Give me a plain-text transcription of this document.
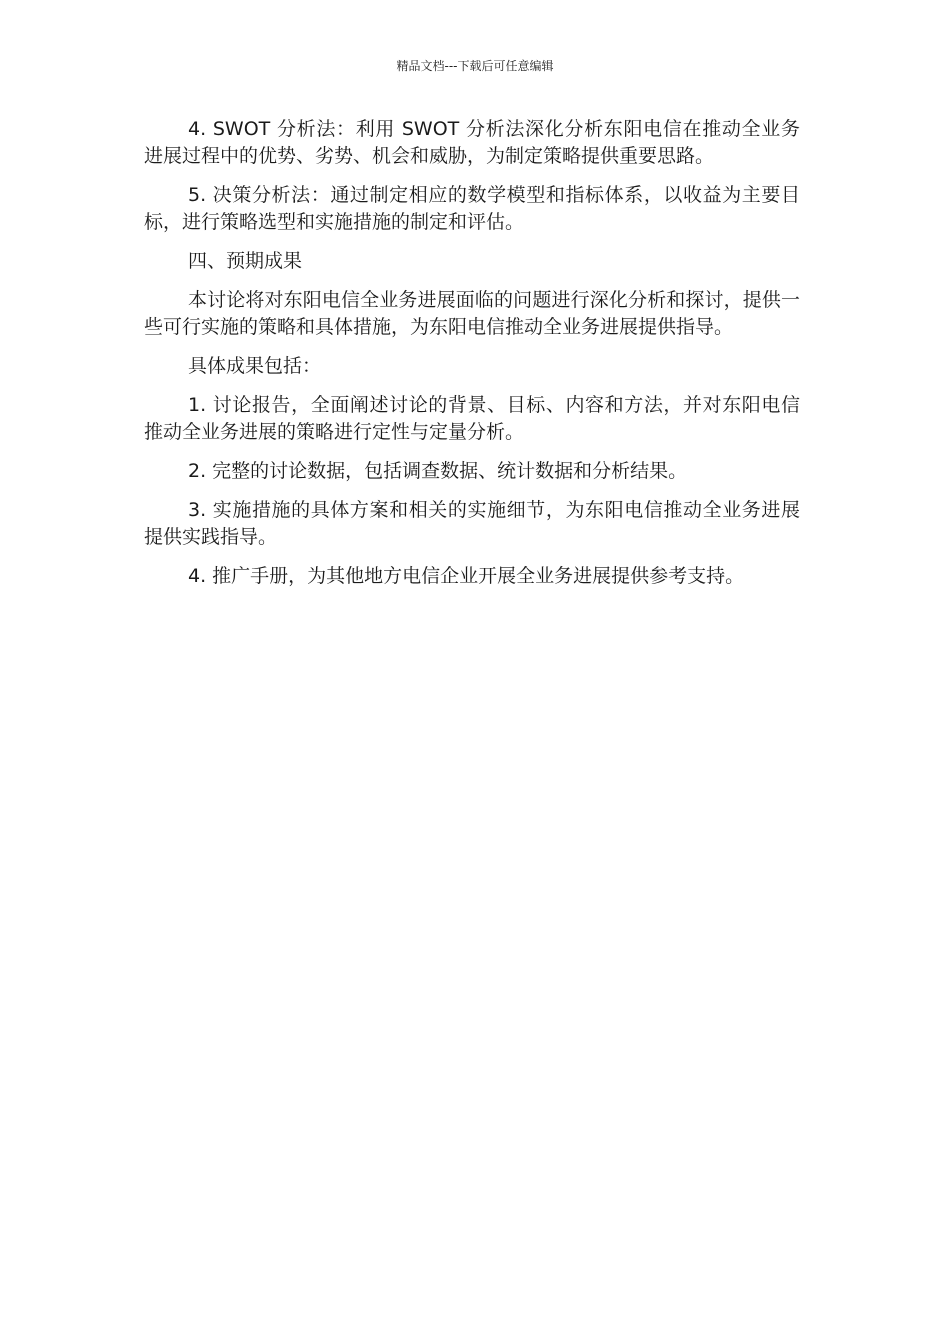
精品文档---下载后可任意编辑

4. SWOT 分析法：利用 SWOT 分析法深化分析东阳电信在推动全业务进展过程中的优势、劣势、机会和威胁，为制定策略提供重要思路。

5. 决策分析法：通过制定相应的数学模型和指标体系，以收益为主要目标，进行策略选型和实施措施的制定和评估。

四、预期成果

本讨论将对东阳电信全业务进展面临的问题进行深化分析和探讨，提供一些可行实施的策略和具体措施，为东阳电信推动全业务进展提供指导。

具体成果包括：

1. 讨论报告，全面阐述讨论的背景、目标、内容和方法，并对东阳电信推动全业务进展的策略进行定性与定量分析。

2. 完整的讨论数据，包括调查数据、统计数据和分析结果。

3. 实施措施的具体方案和相关的实施细节，为东阳电信推动全业务进展提供实践指导。

4. 推广手册，为其他地方电信企业开展全业务进展提供参考支持。
